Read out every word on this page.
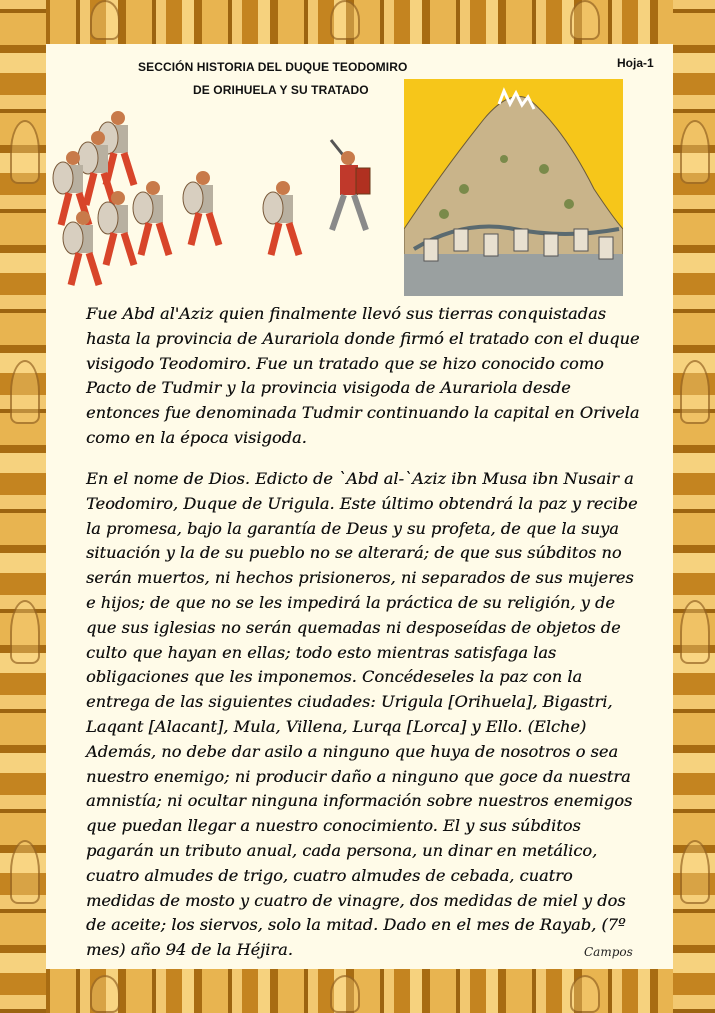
SECCIÓN HISTORIA DEL DUQUE TEODOMIRO
DE ORIHUELA Y SU TRATADO
Hoja-1

Fue Abd al'Aziz quien finalmente llevó sus tierras conquistadas hasta la provincia de Aurariola donde firmó el tratado con el duque visigodo Teodomiro. Fue un tratado que se hizo conocido como Pacto de Tudmir y la provincia visigoda de Aurariola desde entonces fue denominada Tudmir continuando la capital en Orivela como en la época visigoda.

En el nome de Dios. Edicto de `Abd al-`Aziz ibn Musa ibn Nusair a Teodomiro, Duque de Urigula. Este último obtendrá la paz y recibe la promesa, bajo la garantía de Deus y su profeta, de que la suya situación y la de su pueblo no se alterará; de que sus súbditos no serán muertos, ni hechos prisioneros, ni separados de sus mujeres e hijos; de que no se les impedirá la práctica de su religión, y de que sus iglesias no serán quemadas ni desposeídas de objetos de culto que hayan en ellas; todo esto mientras satisfaga las obligaciones que les imponemos. Concédeseles la paz con la entrega de las siguientes ciudades: Urigula [Orihuela], Bigastri, Laqant [Alacant], Mula, Villena, Lurqa [Lorca] y Ello. (Elche) Además, no debe dar asilo a ninguno que huya de nosotros o sea nuestro enemigo; ni producir daño a ninguno que goce da nuestra amnistía; ni ocultar ninguna información sobre nuestros enemigos que puedan llegar a nuestro conocimiento. El y sus súbditos pagarán un tributo anual, cada persona, un dinar en metálico, cuatro almudes de trigo, cuatro almudes de cebada, cuatro medidas de mosto y cuatro de vinagre, dos medidas de miel y dos de aceite; los siervos, solo la mitad. Dado en el mes de Rayab, (7º mes) año 94 de la Héjira.	Campos
